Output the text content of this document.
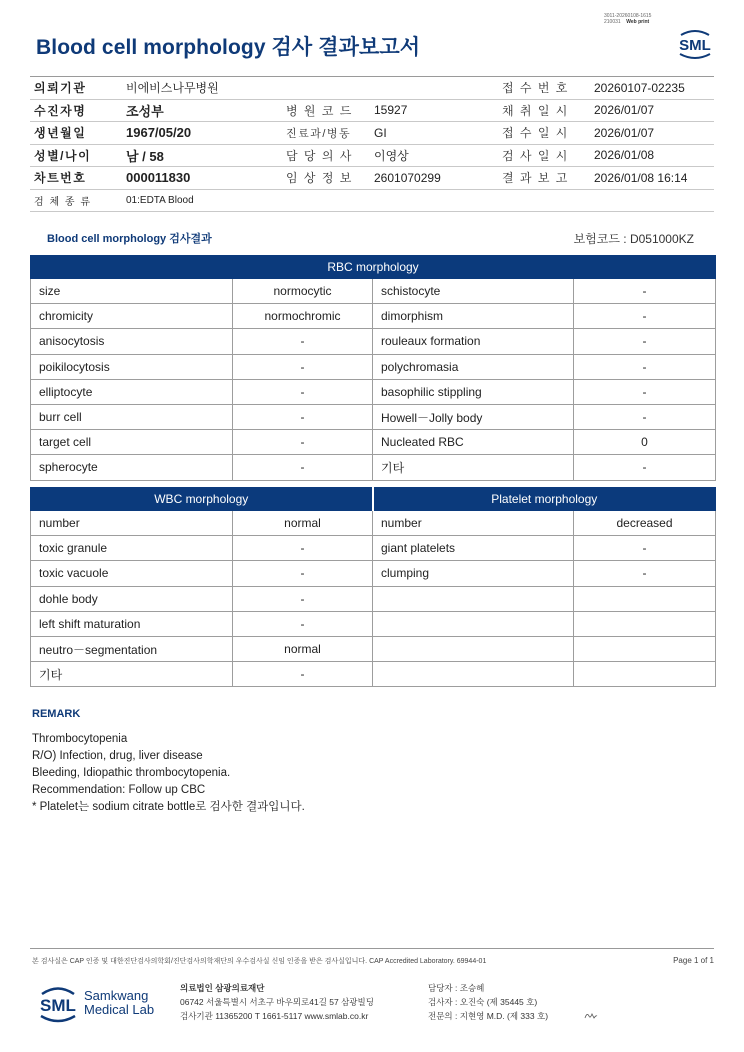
3011-20260108-1615
210031 Web print
Blood cell morphology 검사 결과보고서	SML
의뢰기관	비에비스나무병원			접 수 번 호	20260107-02235
수진자명	조성부	병 원 코 드	15927	채 취 일 시	2026/01/07
생년월일	1967/05/20	진료과/병동	GI	접 수 일 시	2026/01/07
성별/나이	남 / 58	담 당 의 사	이영상	검 사 일 시	2026/01/08
차트번호	000011830	임 상 정 보	2601070299	결 과 보 고	2026/01/08 16:14
검 체 종 류	01:EDTA Blood				
Blood cell morphology 검사결과	보험코드 : D051000KZ
RBC morphology			
size	normocytic	schistocyte	-
chromicity	normochromic	dimorphism	-
anisocytosis	-	rouleaux formation	-
poikilocytosis	-	polychromasia	-
elliptocyte	-	basophilic stippling	-
burr cell	-	Howell－Jolly body	-
target cell	-	Nucleated RBC	0
spherocyte	-	기타	-
WBC morphology		Platelet morphology	
number	normal	number	decreased
toxic granule	-	giant platelets	-
toxic vacuole	-	clumping	-
dohle body	-		
left shift maturation	-		
neutro－segmentation	normal		
기타	-		
REMARK
Thrombocytopenia
R/O) Infection, drug, liver disease
Bleeding, Idiopathic thrombocytopenia.
Recommendation: Follow up CBC
* Platelet는 sodium citrate bottle로 검사한 결과입니다.
본 검사실은 CAP 인증 및 대한진단검사의학회/진단검사의학재단의 우수검사실 신임 인증을 받은 검사실입니다. CAP Accredited Laboratory. 69944-01	Page 1 of 1
SML
Samkwang
Medical Lab
의료법인 삼광의료재단
06742 서울특별시 서초구 바우뫼로41길 57 삼광빌딩
검사기관 11365200 T 1661-5117 www.smlab.co.kr
담당자 : 조승혜
검사자 : 오진숙 (제 35445 호)
전문의 : 지현영 M.D. (제 333 호)
